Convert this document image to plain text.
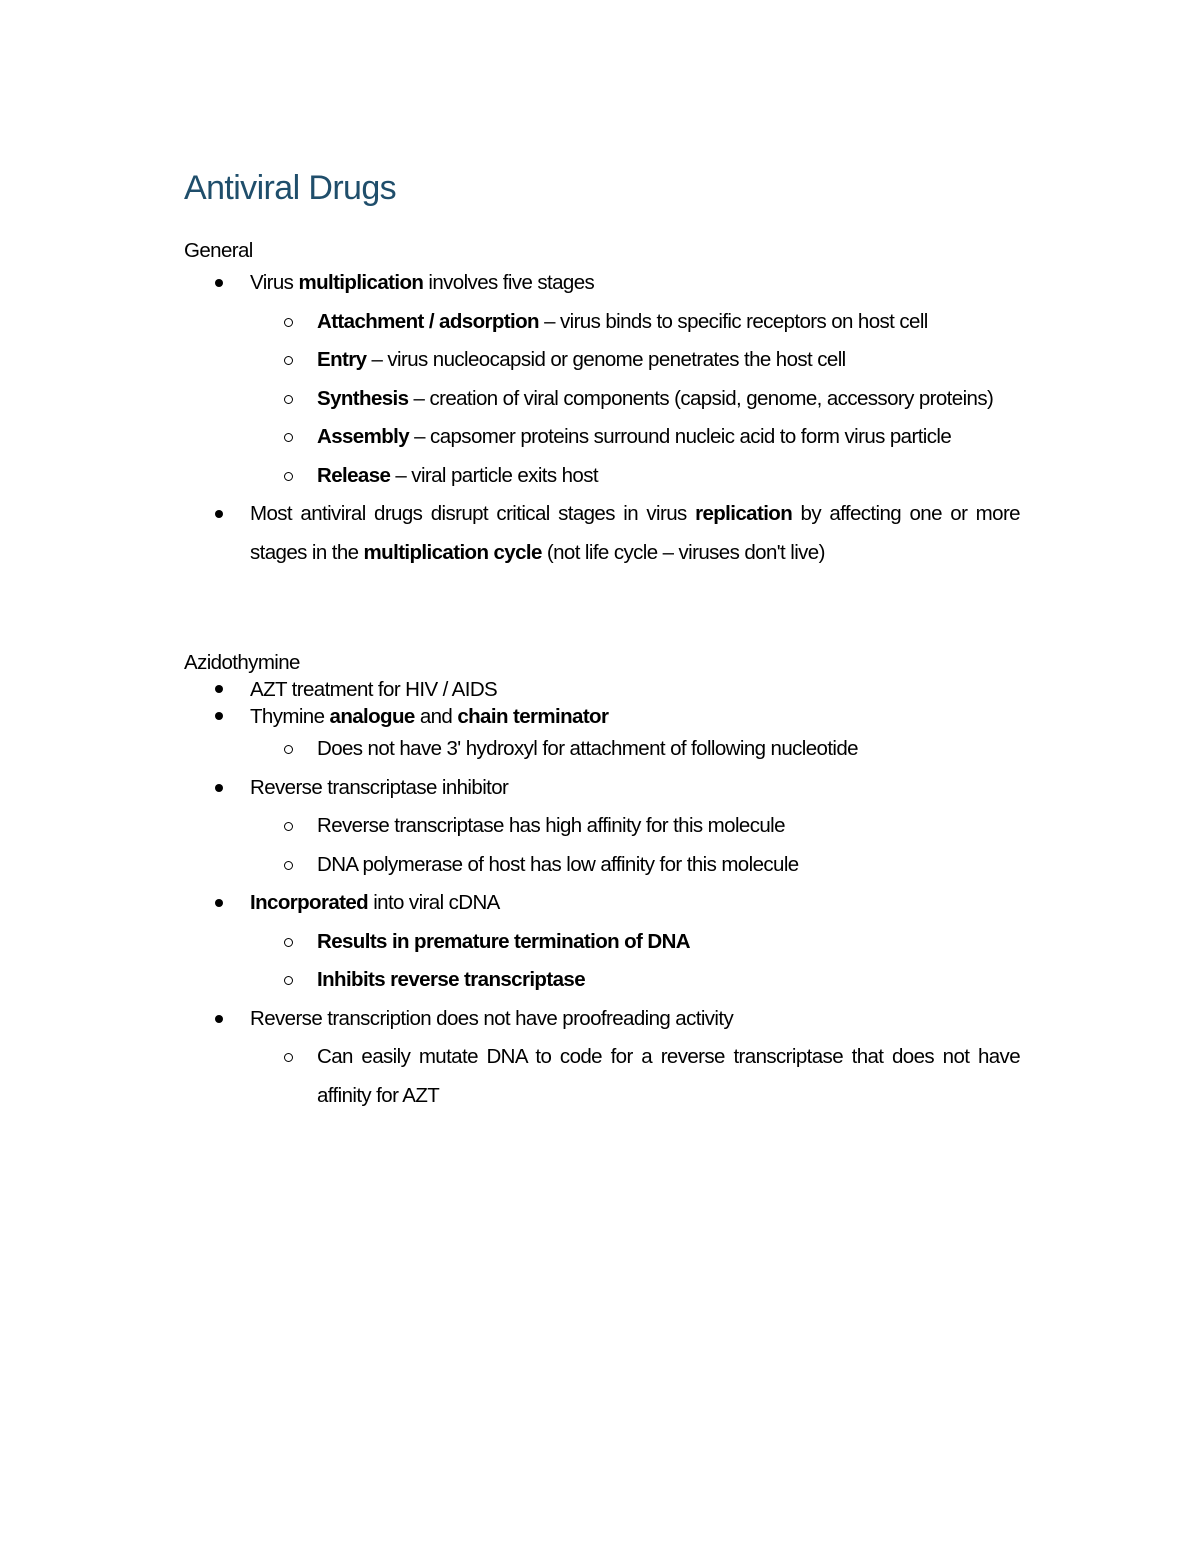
Antiviral Drugs

General

Virus multiplication involves five stages
Attachment / adsorption – virus binds to specific receptors on host cell
Entry – virus nucleocapsid or genome penetrates the host cell
Synthesis – creation of viral components (capsid, genome, accessory proteins)
Assembly – capsomer proteins surround nucleic acid to form virus particle
Release – viral particle exits host
Most antiviral drugs disrupt critical stages in virus replication by affecting one or more stages in the multiplication cycle (not life cycle – viruses don't live)

Azidothymine

AZT treatment for HIV / AIDS
Thymine analogue and chain terminator
Does not have 3' hydroxyl for attachment of following nucleotide
Reverse transcriptase inhibitor
Reverse transcriptase has high affinity for this molecule
DNA polymerase of host has low affinity for this molecule
Incorporated into viral cDNA
Results in premature termination of DNA
Inhibits reverse transcriptase
Reverse transcription does not have proofreading activity
Can easily mutate DNA to code for a reverse transcriptase that does not have affinity for AZT
